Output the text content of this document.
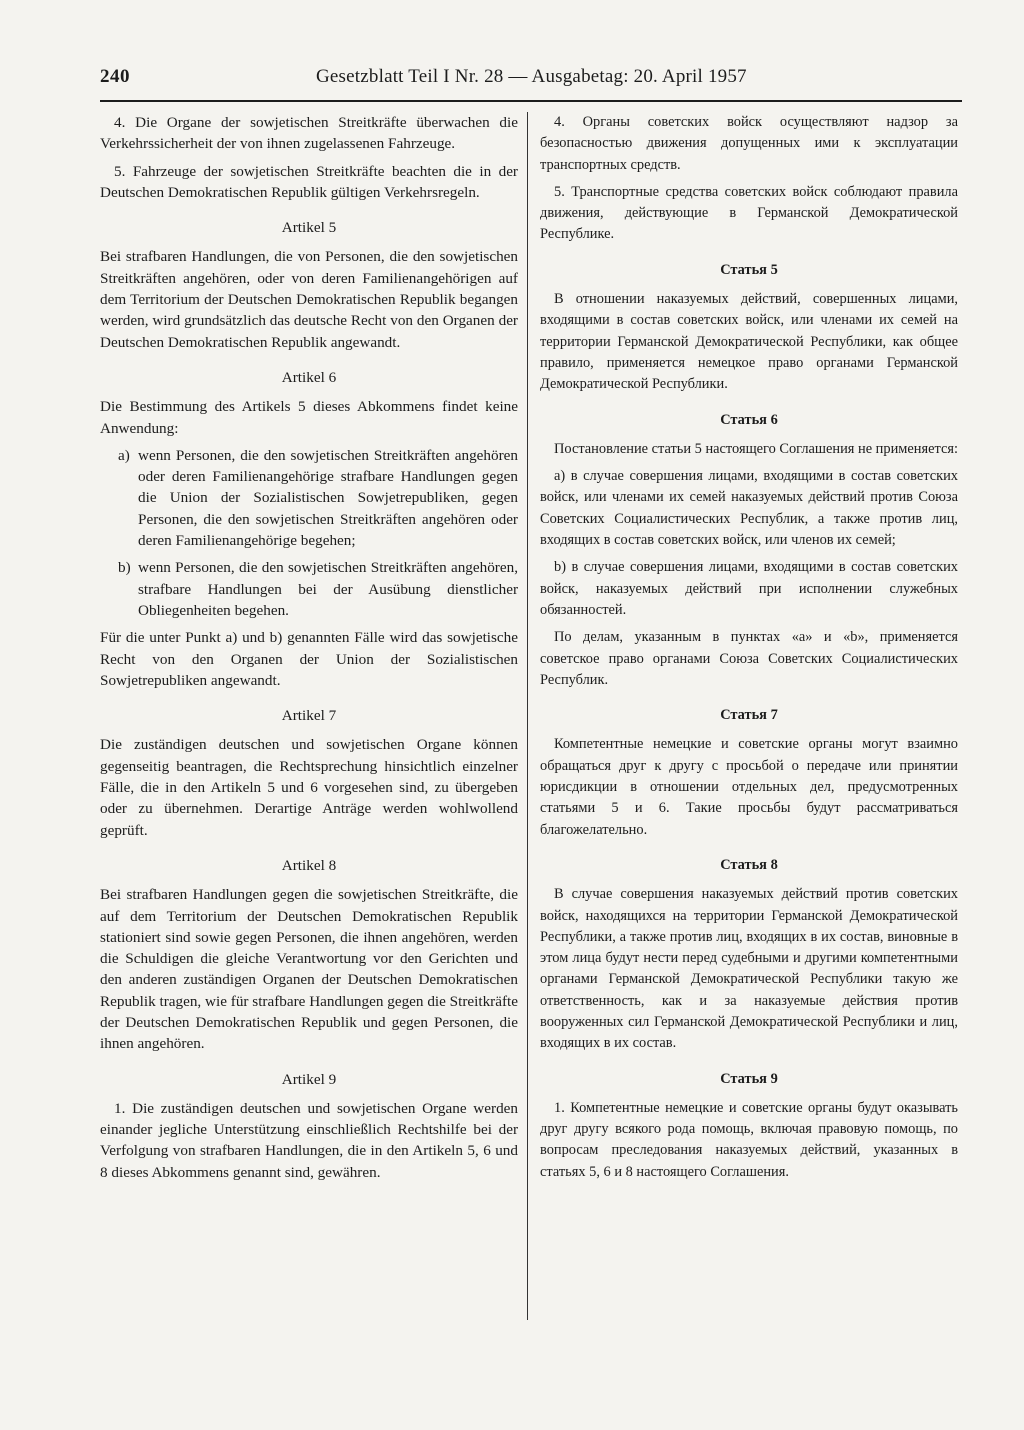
240	Gesetzblatt Teil I Nr. 28 — Ausgabetag: 20. April 1957

4. Die Organe der sowjetischen Streitkräfte überwachen die Verkehrssicherheit der von ihnen zugelassenen Fahrzeuge.

5. Fahrzeuge der sowjetischen Streitkräfte beachten die in der Deutschen Demokratischen Republik gültigen Verkehrsregeln.

Artikel 5

Bei strafbaren Handlungen, die von Personen, die den sowjetischen Streitkräften angehören, oder von deren Familienangehörigen auf dem Territorium der Deutschen Demokratischen Republik begangen werden, wird grundsätzlich das deutsche Recht von den Organen der Deutschen Demokratischen Republik angewandt.

Artikel 6

Die Bestimmung des Artikels 5 dieses Abkommens findet keine Anwendung:

a) wenn Personen, die den sowjetischen Streitkräften angehören oder deren Familienangehörige strafbare Handlungen gegen die Union der Sozialistischen Sowjetrepubliken, gegen Personen, die den sowjetischen Streitkräften angehören oder deren Familienangehörige begehen;
b) wenn Personen, die den sowjetischen Streitkräften angehören, strafbare Handlungen bei der Ausübung dienstlicher Obliegenheiten begehen.

Für die unter Punkt a) und b) genannten Fälle wird das sowjetische Recht von den Organen der Union der Sozialistischen Sowjetrepubliken angewandt.

Artikel 7

Die zuständigen deutschen und sowjetischen Organe können gegenseitig beantragen, die Rechtsprechung hinsichtlich einzelner Fälle, die in den Artikeln 5 und 6 vorgesehen sind, zu übergeben oder zu übernehmen. Derartige Anträge werden wohlwollend geprüft.

Artikel 8

Bei strafbaren Handlungen gegen die sowjetischen Streitkräfte, die auf dem Territorium der Deutschen Demokratischen Republik stationiert sind sowie gegen Personen, die ihnen angehören, werden die Schuldigen die gleiche Verantwortung vor den Gerichten und den anderen zuständigen Organen der Deutschen Demokratischen Republik tragen, wie für strafbare Handlungen gegen die Streitkräfte der Deutschen Demokratischen Republik und gegen Personen, die ihnen angehören.

Artikel 9

1. Die zuständigen deutschen und sowjetischen Organe werden einander jegliche Unterstützung einschließlich Rechtshilfe bei der Verfolgung von strafbaren Handlungen, die in den Artikeln 5, 6 und 8 dieses Abkommens genannt sind, gewähren.

4. Органы советских войск осуществляют надзор за безопасностью движения допущенных ими к эксплуатации транспортных средств.

5. Транспортные средства советских войск соблюдают правила движения, действующие в Германской Демократической Республике.

Статья 5

В отношении наказуемых действий, совершенных лицами, входящими в состав советских войск, или членами их семей на территории Германской Демократической Республики, как общее правило, применяется немецкое право органами Германской Демократической Республики.

Статья 6

Постановление статьи 5 настоящего Соглашения не применяется:

а) в случае совершения лицами, входящими в состав советских войск, или членами их семей наказуемых действий против Союза Советских Социалистических Республик, а также против лиц, входящих в состав советских войск, или членов их семей;

b) в случае совершения лицами, входящими в состав советских войск, наказуемых действий при исполнении служебных обязанностей.

По делам, указанным в пунктах «а» и «b», применяется советское право органами Союза Советских Социалистических Республик.

Статья 7

Компетентные немецкие и советские органы могут взаимно обращаться друг к другу с просьбой о передаче или принятии юрисдикции в отношении отдельных дел, предусмотренных статьями 5 и 6. Такие просьбы будут рассматриваться благожелательно.

Статья 8

В случае совершения наказуемых действий против советских войск, находящихся на территории Германской Демократической Республики, а также против лиц, входящих в их состав, виновные в этом лица будут нести перед судебными и другими компетентными органами Германской Демократической Республики такую же ответственность, как и за наказуемые действия против вооруженных сил Германской Демократической Республики и лиц, входящих в их состав.

Статья 9

1. Компетентные немецкие и советские органы будут оказывать друг другу всякого рода помощь, включая правовую помощь, по вопросам преследования наказуемых действий, указанных в статьях 5, 6 и 8 настоящего Соглашения.
